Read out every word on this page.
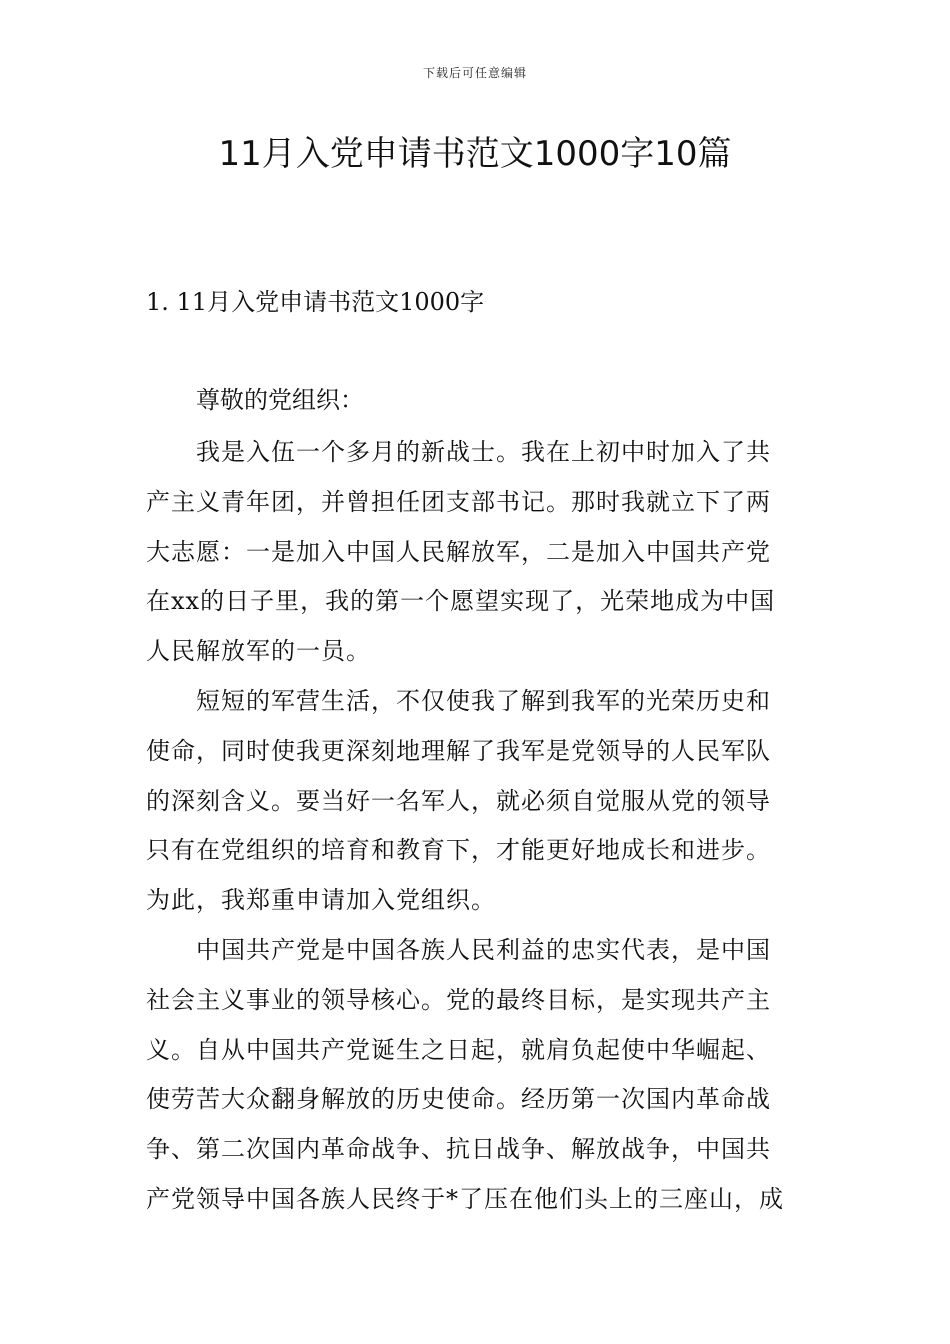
下载后可任意编辑
11月入党申请书范文1000字10篇
1. 11月入党申请书范文1000字

尊敬的党组织：

我是入伍一个多月的新战士。我在上初中时加入了共
产主义青年团，并曾担任团支部书记。那时我就立下了两
大志愿：一是加入中国人民解放军，二是加入中国共产党
在xx的日子里，我的第一个愿望实现了，光荣地成为中国
人民解放军的一员。
短短的军营生活，不仅使我了解到我军的光荣历史和
使命，同时使我更深刻地理解了我军是党领导的人民军队
的深刻含义。要当好一名军人，就必须自觉服从党的领导
只有在党组织的培育和教育下，才能更好地成长和进步。
为此，我郑重申请加入党组织。
中国共产党是中国各族人民利益的忠实代表，是中国
社会主义事业的领导核心。党的最终目标，是实现共产主
义。自从中国共产党诞生之日起，就肩负起使中华崛起、
使劳苦大众翻身解放的历史使命。经历第一次国内革命战
争、第二次国内革命战争、抗日战争、解放战争，中国共
产党领导中国各族人民终于*了压在他们头上的三座山，成
